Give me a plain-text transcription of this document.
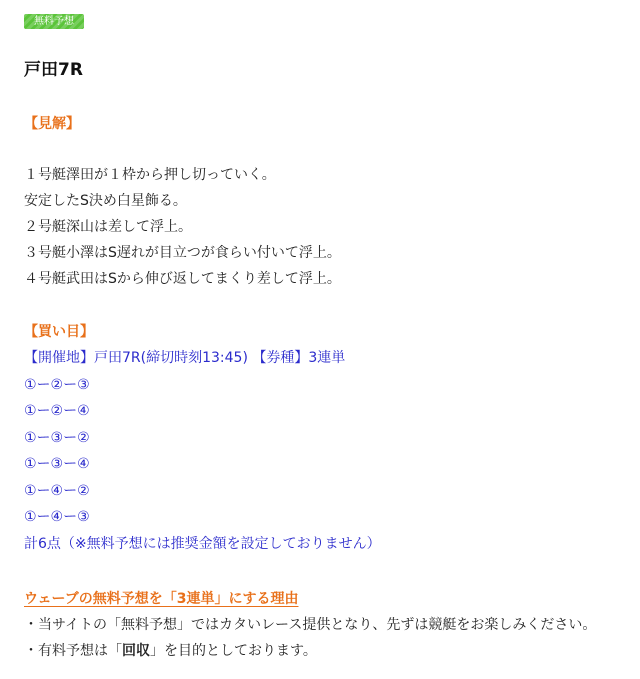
無料予想
戸田7R

【見解】

１号艇澤田が１枠から押し切っていく。

安定したS決め白星飾る。

２号艇深山は差して浮上。

３号艇小澤はS遅れが目立つが食らい付いて浮上。

４号艇武田はSから伸び返してまくり差して浮上。

【買い目】

【開催地】戸田7R(締切時刻13:45) 【券種】3連単

①ー②ー③

①ー②ー④

①ー③ー②

①ー③ー④

①ー④ー②

①ー④ー③

計6点（※無料予想には推奨金額を設定しておりません）

ウェーブの無料予想を「3連単」にする理由

・当サイトの「無料予想」ではカタいレース提供となり、先ずは競艇をお楽しみください。

・有料予想は「回収」を目的としております。
